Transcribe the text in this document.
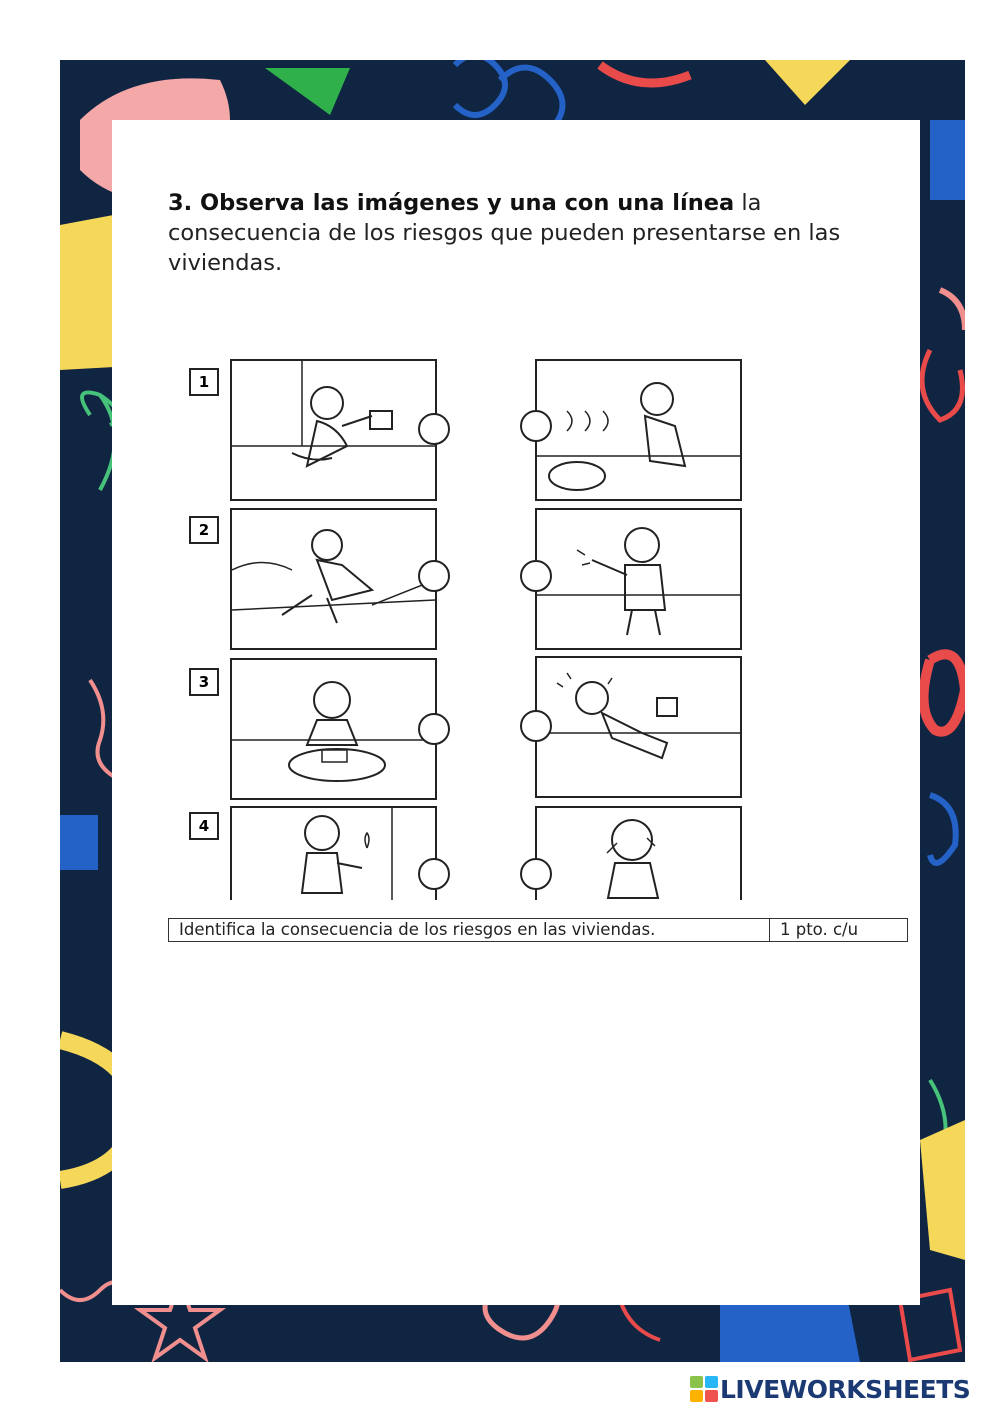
3. Observa las imágenes y una con una línea la consecuencia de los riesgos que pueden presentarse en las viviendas.

1
2
3
4
Identifica la consecuencia de los riesgos en las viviendas.	1 pto. c/u
LIVEWORKSHEETS
